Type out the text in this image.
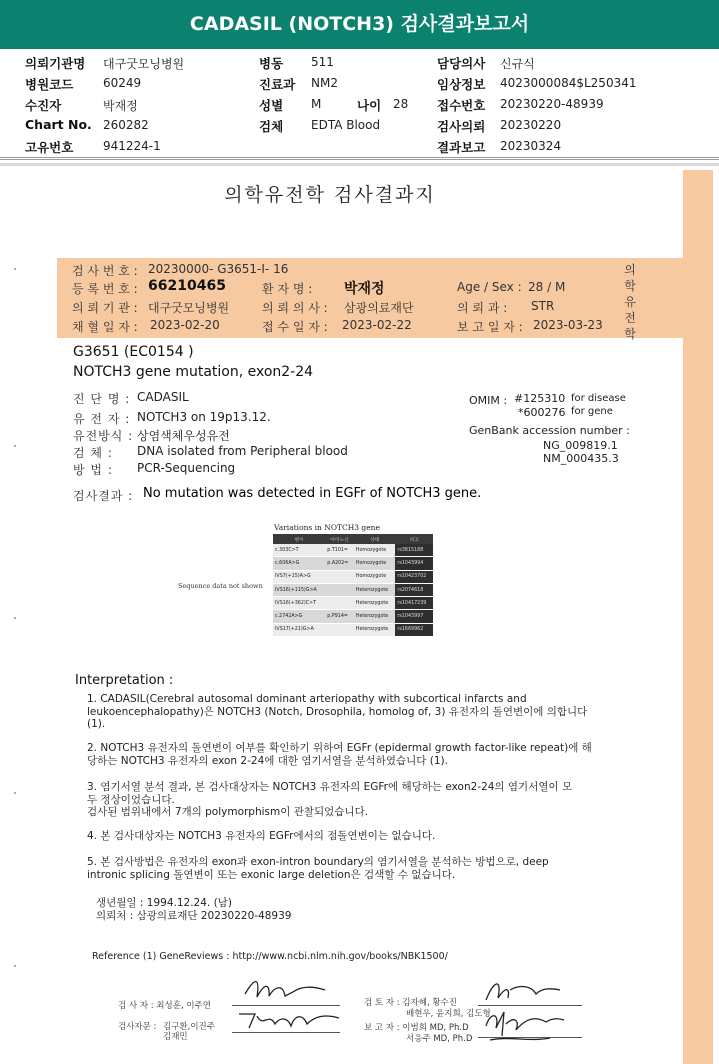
CADASIL (NOTCH3) 검사결과보고서
의뢰기관명 대구굿모닝병원
병원코드 60249
수진자	박재정
Chart No. 260282
고유번호 941224-1
병동 511
진료과 NM2
성별 M	나이 28
검체 EDTA Blood
담당의사 신규식
임상정보 4023000084$L250341
접수번호 20230220-48939
검사의뢰 20230220
결과보고 20230324
의학유전학 검사결과지
검 사 번 호 : 20230000- G3651-I- 16
등 록 번 호 : 66210465	환 자 명 : 박재정	Age / Sex : 28 / M
의 뢰 기 관 : 대구굿모닝병원	의 뢰 의 사 : 삼광의료재단	의 뢰 과 : STR
채 혈 일 자 : 2023-02-20	접 수 일 자 : 2023-02-22	보 고 일 자 : 2023-03-23
의
학
유
전
학
G3651 (EC0154 )
NOTCH3 gene mutation, exon2-24
진 단 명 : CADASIL
유 전 자 : NOTCH3 on 19p13.12.
유전방식 : 상염색체우성유전
검 체 : DNA isolated from Peripheral blood
방 법 : PCR-Sequencing
OMIM : #125310 for disease
*600276 for gene
GenBank accession number :
NG_009819.1
NM_000435.3
검사결과 : No mutation was detected in EGFr of NOTCH3 gene.
Sequence data not shown
Variations in NOTCH3 gene
변이	아미노산	상태	비고
c.303C>T	p.T101=	Homozygote	rs3815188
c.606A>G	p.A202=	Homozygote	rs1043994
IVS7(+15)A>G		Homozygote	rs10423702
IVS16(+115)G>A		Heterozygote	rs2074618
IVS16(+362)C>T		Heterozygote	rs10417239
c.2742A>G	p.P914=	Heterozygote	rs1043997
IVS17(+21)G>A		Heterozygote	rs1669962
Interpretation :
1. CADASIL(Cerebral autosomal dominant arteriopathy with subcortical infarcts and
leukoencephalopathy)은 NOTCH3 (Notch, Drosophila, homolog of, 3) 유전자의 돌연변이에 의합니다
(1).
2. NOTCH3 유전자의 돌연변이 여부를 확인하기 위하여 EGFr (epidermal growth factor-like repeat)에 해
당하는 NOTCH3 유전자의 exon 2-24에 대한 염기서열을 분석하였습니다 (1).
3. 염기서열 분석 결과, 본 검사대상자는 NOTCH3 유전자의 EGFr에 해당하는 exon2-24의 염기서열이 모
두 정상이었습니다.
검사된 범위내에서 7개의 polymorphism이 관찰되었습니다.
4. 본 검사대상자는 NOTCH3 유전자의 EGFr에서의 점돌연변이는 없습니다.
5. 본 검사방법은 유전자의 exon과 exon-intron boundary의 염기서열을 분석하는 방법으로, deep
intronic splicing 돌연변이 또는 exonic large deletion은 검색할 수 없습니다.
생년월일 : 1994.12.24. (남)
의뢰처 : 삼광의료재단 20230220-48939
Reference (1) GeneReviews : http://www.ncbi.nlm.nih.gov/books/NBK1500/
검 사 자 : 최성훈, 이주연
검사자문 : 김구환,이진주
김재민
검 토 자 : 김자혜, 황수진
배현우, 윤지희, 김도형
보 고 자 : 이범희 MD, Ph.D
서응주 MD, Ph.D
